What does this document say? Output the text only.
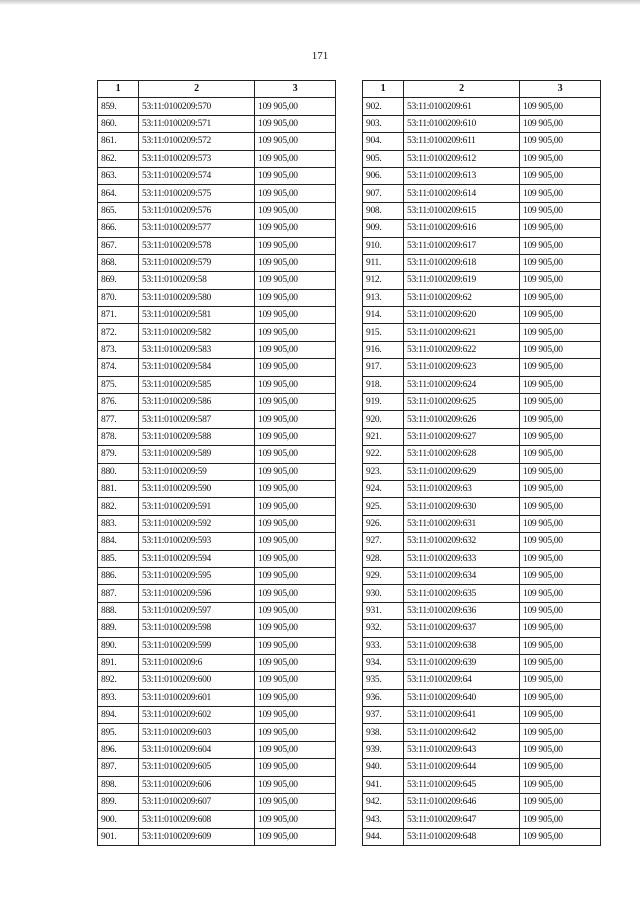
171
1	2	3
859.	53:11:0100209:570	109 905,00
860.	53:11:0100209:571	109 905,00
861.	53:11:0100209:572	109 905,00
862.	53:11:0100209:573	109 905,00
863.	53:11:0100209:574	109 905,00
864.	53:11:0100209:575	109 905,00
865.	53:11:0100209:576	109 905,00
866.	53:11:0100209:577	109 905,00
867.	53:11:0100209:578	109 905,00
868.	53:11:0100209:579	109 905,00
869.	53:11:0100209:58	109 905,00
870.	53:11:0100209:580	109 905,00
871.	53:11:0100209:581	109 905,00
872.	53:11:0100209:582	109 905,00
873.	53:11:0100209:583	109 905,00
874.	53:11:0100209:584	109 905,00
875.	53:11:0100209:585	109 905,00
876.	53:11:0100209:586	109 905,00
877.	53:11:0100209:587	109 905,00
878.	53:11:0100209:588	109 905,00
879.	53:11:0100209:589	109 905,00
880.	53:11:0100209:59	109 905,00
881.	53:11:0100209:590	109 905,00
882.	53:11:0100209:591	109 905,00
883.	53:11:0100209:592	109 905,00
884.	53:11:0100209:593	109 905,00
885.	53:11:0100209:594	109 905,00
886.	53:11:0100209:595	109 905,00
887.	53:11:0100209:596	109 905,00
888.	53:11:0100209:597	109 905,00
889.	53:11:0100209:598	109 905,00
890.	53:11:0100209:599	109 905,00
891.	53:11:0100209:6	109 905,00
892.	53:11:0100209:600	109 905,00
893.	53:11:0100209:601	109 905,00
894.	53:11:0100209:602	109 905,00
895.	53:11:0100209:603	109 905,00
896.	53:11:0100209:604	109 905,00
897.	53:11:0100209:605	109 905,00
898.	53:11:0100209:606	109 905,00
899.	53:11:0100209:607	109 905,00
900.	53:11:0100209:608	109 905,00
901.	53:11:0100209:609	109 905,00
1	2	3
902.	53:11:0100209:61	109 905,00
903.	53:11:0100209:610	109 905,00
904.	53:11:0100209:611	109 905,00
905.	53:11:0100209:612	109 905,00
906.	53:11:0100209:613	109 905,00
907.	53:11:0100209:614	109 905,00
908.	53:11:0100209:615	109 905,00
909.	53:11:0100209:616	109 905,00
910.	53:11:0100209:617	109 905,00
911.	53:11:0100209:618	109 905,00
912.	53:11:0100209:619	109 905,00
913.	53:11:0100209:62	109 905,00
914.	53:11:0100209:620	109 905,00
915.	53:11:0100209:621	109 905,00
916.	53:11:0100209:622	109 905,00
917.	53:11:0100209:623	109 905,00
918.	53:11:0100209:624	109 905,00
919.	53:11:0100209:625	109 905,00
920.	53:11:0100209:626	109 905,00
921.	53:11:0100209:627	109 905,00
922.	53:11:0100209:628	109 905,00
923.	53:11:0100209:629	109 905,00
924.	53:11:0100209:63	109 905,00
925.	53:11:0100209:630	109 905,00
926.	53:11:0100209:631	109 905,00
927.	53:11:0100209:632	109 905,00
928.	53:11:0100209:633	109 905,00
929.	53:11:0100209:634	109 905,00
930.	53:11:0100209:635	109 905,00
931.	53:11:0100209:636	109 905,00
932.	53:11:0100209:637	109 905,00
933.	53:11:0100209:638	109 905,00
934.	53:11:0100209:639	109 905,00
935.	53:11:0100209:64	109 905,00
936.	53:11:0100209:640	109 905,00
937.	53:11:0100209:641	109 905,00
938.	53:11:0100209:642	109 905,00
939.	53:11:0100209:643	109 905,00
940.	53:11:0100209:644	109 905,00
941.	53:11:0100209:645	109 905,00
942.	53:11:0100209:646	109 905,00
943.	53:11:0100209:647	109 905,00
944.	53:11:0100209:648	109 905,00
